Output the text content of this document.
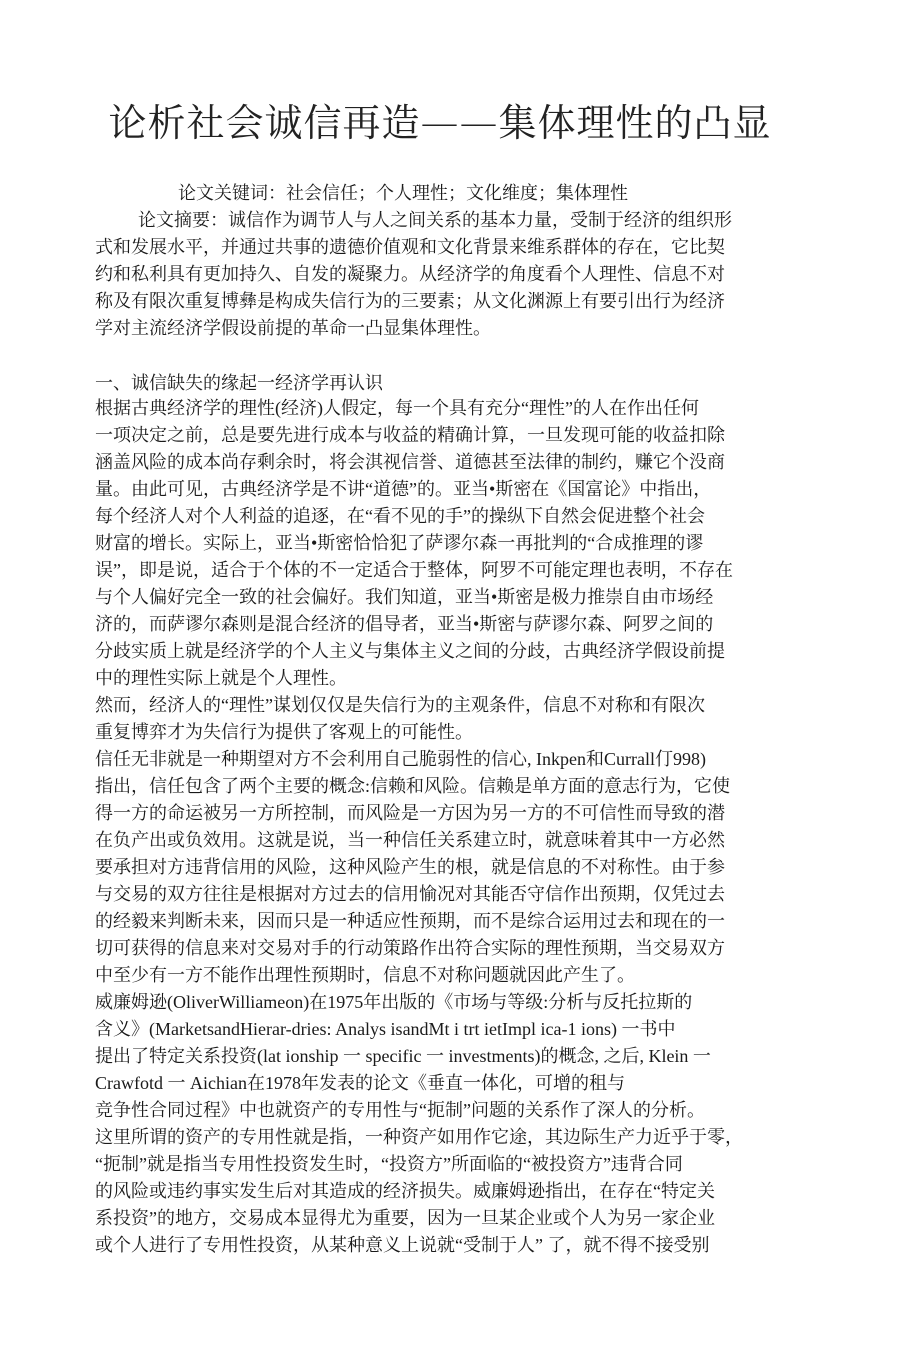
论析社会诚信再造——集体理性的凸显
论文关键词：社会信任；个人理性；文化维度；集体理性
论文摘要：诚信作为调节人与人之间关系的基本力量，受制于经济的组织形
式和发展水平，并通过共事的遗德价值观和文化背景来维系群体的存在，它比契
约和私利具有更加持久、自发的凝聚力。从经济学的角度看个人理性、信息不对
称及有限次重复博彝是构成失信行为的三要素；从文化渊源上有要引出行为经济
学对主流经济学假设前提的革命一凸显集体理性。
一、诚信缺失的缘起一经济学再认识
根据古典经济学的理性(经济)人假定，每一个具有充分“理性”的人在作出任何
一项决定之前，总是要先进行成本与收益的精确计算，一旦发现可能的收益扣除
涵盖风险的成本尚存剩余时，将会淇视信誉、道德甚至法律的制约，赚它个没商
量。由此可见，古典经济学是不讲“道德”的。亚当•斯密在《国富论》中指出，
每个经济人对个人利益的追逐，在“看不见的手”的操纵下自然会促进整个社会
财富的增长。实际上，亚当•斯密恰恰犯了萨谬尔森一再批判的“合成推理的谬
误”，即是说，适合于个体的不一定适合于整体，阿罗不可能定理也表明，不存在
与个人偏好完全一致的社会偏好。我们知道，亚当•斯密是极力推崇自由市场经
济的，而萨谬尔森则是混合经济的倡导者，亚当•斯密与萨谬尔森、阿罗之间的
分歧实质上就是经济学的个人主义与集体主义之间的分歧，古典经济学假设前提
中的理性实际上就是个人理性。
然而，经济人的“理性”谋划仅仅是失信行为的主观条件，信息不对称和有限次
重复博弈才为失信行为提供了客观上的可能性。
信任无非就是一种期望对方不会利用自己脆弱性的信心, Inkpen和Currall仃998)
指出，信任包含了两个主要的概念:信赖和风险。信赖是单方面的意志行为，它使
得一方的命运被另一方所控制，而风险是一方因为另一方的不可信性而导致的潜
在负产出或负效用。这就是说，当一种信任关系建立时，就意味着其中一方必然
要承担对方违背信用的风险，这种风险产生的根，就是信息的不对称性。由于参
与交易的双方往往是根据对方过去的信用愉况对其能否守信作出预期，仅凭过去
的经毅来判断未来，因而只是一种适应性预期，而不是综合运用过去和现在的一
切可获得的信息来对交易对手的行动策路作出符合实际的理性预期，当交易双方
中至少有一方不能作出理性预期时，信息不对称问题就因此产生了。
威廉姆逊(OliverWilliameon)在1975年出版的《市场与等级:分析与反托拉斯的
含义》(MarketsandHierar-dries: Analys isandMt i trt ietImpl ica-1 ions) 一书中
提出了特定关系投资(lat ionship 一 specific 一 investments)的概念, 之后, Klein 一
Crawfotd 一 Aichian在1978年发表的论文《垂直一体化，可增的租与
竞争性合同过程》中也就资产的专用性与“扼制”问题的关系作了深人的分析。
这里所谓的资产的专用性就是指，一种资产如用作它途，其边际生产力近乎于零，
“扼制”就是指当专用性投资发生时，“投资方”所面临的“被投资方”违背合同
的风险或违约事实发生后对其造成的经济损失。威廉姆逊指出，在存在“特定关
系投资”的地方，交易成本显得尤为重要，因为一旦某企业或个人为另一家企业
或个人进行了专用性投资，从某种意义上说就“受制于人” 了，就不得不接受别
